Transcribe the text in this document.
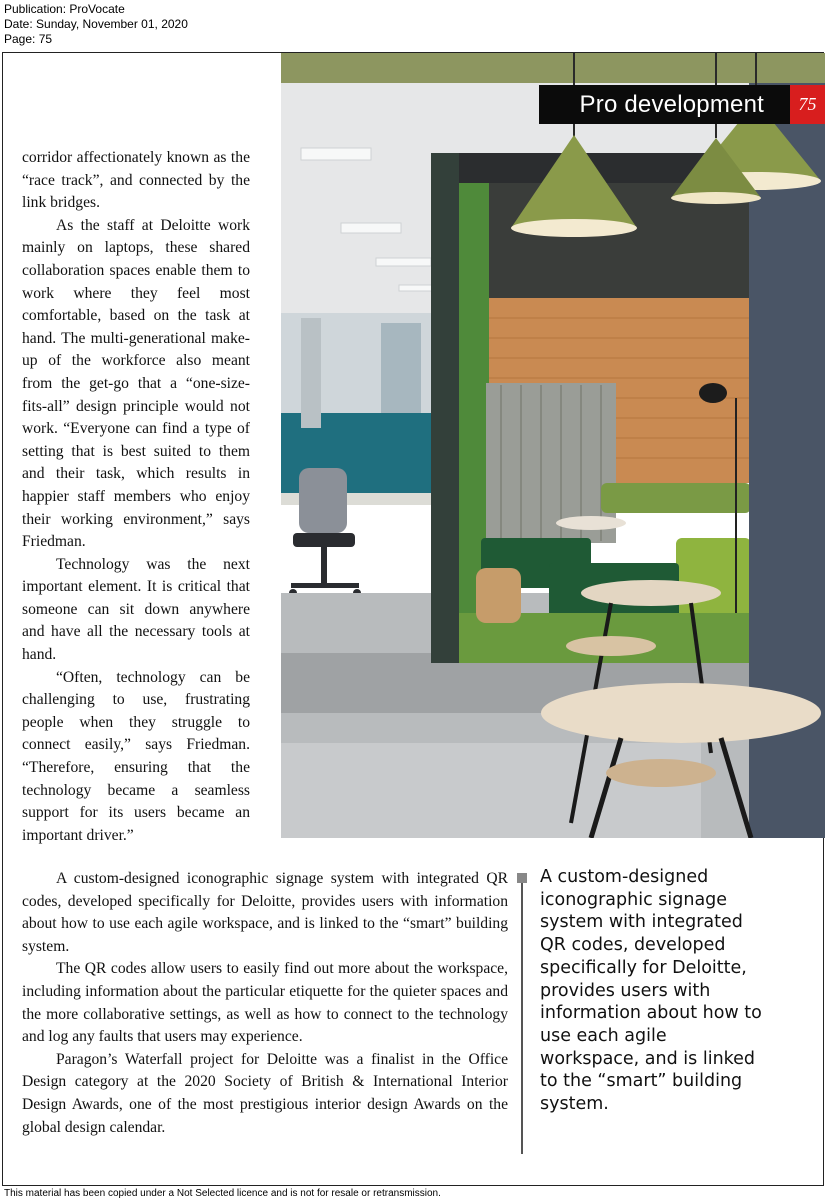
Publication: ProVocate
Date: Sunday, November 01, 2020
Page: 75
Pro development	75

corridor affectionately known as the “race track”, and connected by the link bridges.

As the staff at Deloitte work mainly on laptops, these shared collaboration spaces enable them to work where they feel most comfortable, based on the task at hand. The multi-generational make-up of the workforce also meant from the get-go that a “one-size-fits-all” design principle would not work. “Everyone can find a type of setting that is best suited to them and their task, which results in happier staff members who enjoy their working environment,” says Friedman.

Technology was the next important element. It is critical that someone can sit down anywhere and have all the necessary tools at hand.

“Often, technology can be challenging to use, frustrating people when they struggle to connect easily,” says Friedman. “Therefore, ensuring that the technology became a seamless support for its users became an important driver.”

A custom-designed iconographic signage system with integrated QR codes, developed specifically for Deloitte, provides users with information about how to use each agile workspace, and is linked to the “smart” building system.

The QR codes allow users to easily find out more about the workspace, including information about the particular etiquette for the quieter spaces and the more collaborative settings, as well as how to connect to the technology and log any faults that users may experience.

Paragon’s Waterfall project for Deloitte was a finalist in the Office Design category at the 2020 Society of British & International Interior Design Awards, one of the most prestigious interior design Awards on the global design calendar.

A custom-designed iconographic signage system with integrated QR codes, developed specifically for Deloitte, provides users with information about how to use each agile workspace, and is linked to the “smart” building system.
This material has been copied under a Not Selected licence and is not for resale or retransmission.
